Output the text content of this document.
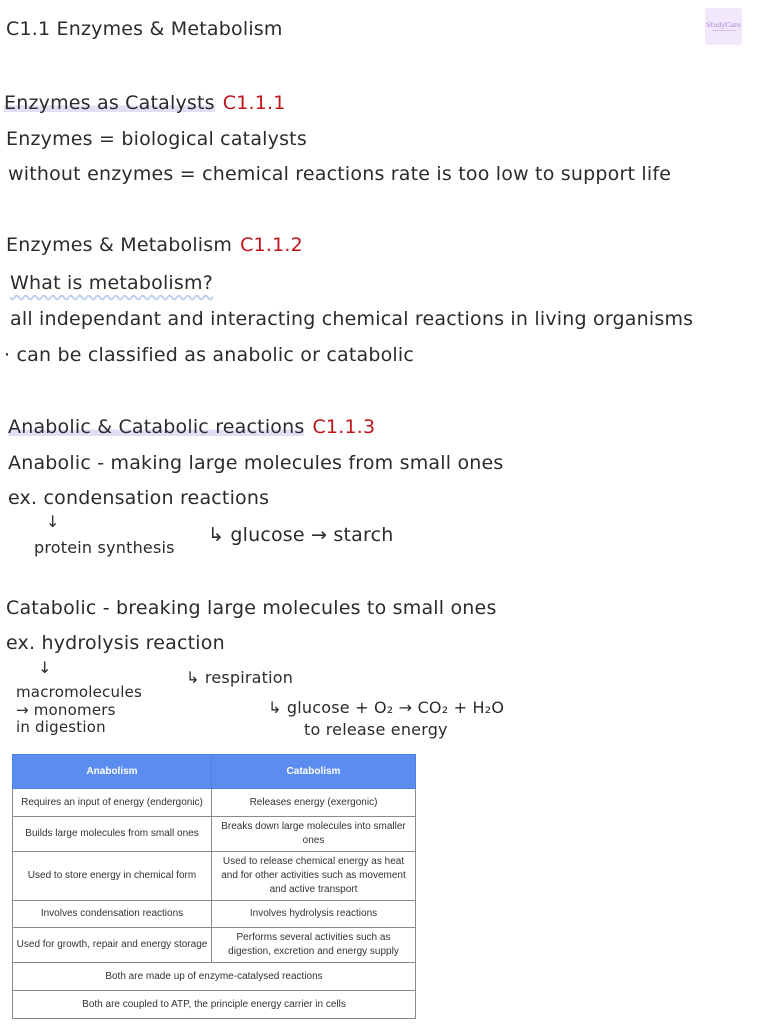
C1.1 Enzymes & Metabolism	StudyCare
Enzymes as Catalysts C1.1.1
Enzymes = biological catalysts
without enzymes = chemical reactions rate is too low to support life
Enzymes & Metabolism C1.1.2
What is metabolism?
all independant and interacting chemical reactions in living organisms
· can be classified as anabolic or catabolic
Anabolic & Catabolic reactions C1.1.3
Anabolic - making large molecules from small ones
ex. condensation reactions
↓
protein synthesis
↳ glucose → starch
Catabolic - breaking large molecules to small ones
ex. hydrolysis reaction
↓
macromolecules
→ monomers
in digestion
↳ respiration
↳ glucose + O₂ → CO₂ + H₂O
to release energy
Anabolism	Catabolism
Requires an input of energy (endergonic)	Releases energy (exergonic)
Builds large molecules from small ones	Breaks down large molecules into smaller ones
Used to store energy in chemical form	Used to release chemical energy as heat and for other activities such as movement and active transport
Involves condensation reactions	Involves hydrolysis reactions
Used for growth, repair and energy storage	Performs several activities such as digestion, excretion and energy supply
Both are made up of enzyme-catalysed reactions	
Both are coupled to ATP, the principle energy carrier in cells	
